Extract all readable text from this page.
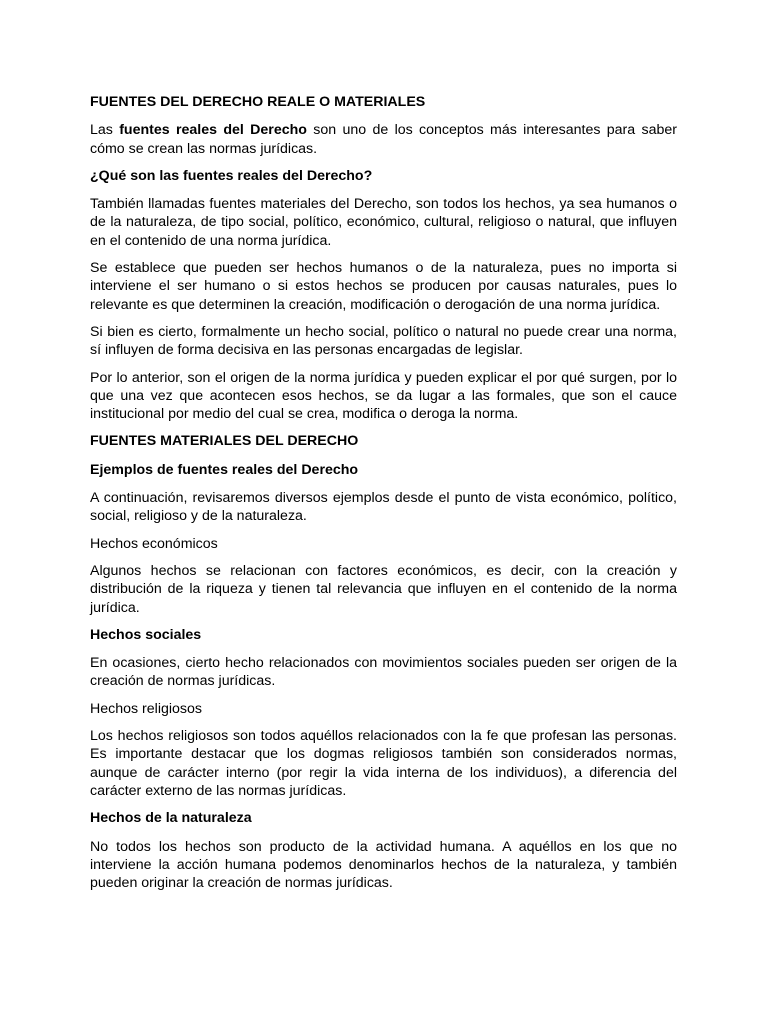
FUENTES DEL DERECHO REALE O MATERIALES

Las fuentes reales del Derecho son uno de los conceptos más interesantes para saber cómo se crean las normas jurídicas.

¿Qué son las fuentes reales del Derecho?

También llamadas fuentes materiales del Derecho, son todos los hechos, ya sea humanos o de la naturaleza, de tipo social, político, económico, cultural, religioso o natural, que influyen en el contenido de una norma jurídica.

Se establece que pueden ser hechos humanos o de la naturaleza, pues no importa si interviene el ser humano o si estos hechos se producen por causas naturales, pues lo relevante es que determinen la creación, modificación o derogación de una norma jurídica.

Si bien es cierto, formalmente un hecho social, político o natural no puede crear una norma, sí influyen de forma decisiva en las personas encargadas de legislar.

Por lo anterior, son el origen de la norma jurídica y pueden explicar el por qué surgen, por lo que una vez que acontecen esos hechos, se da lugar a las formales, que son el cauce institucional por medio del cual se crea, modifica o deroga la norma.

FUENTES MATERIALES DEL DERECHO
Ejemplos de fuentes reales del Derecho

A continuación, revisaremos diversos ejemplos desde el punto de vista económico, político, social, religioso y de la naturaleza.

Hechos económicos

Algunos hechos se relacionan con factores económicos, es decir, con la creación y distribución de la riqueza y tienen tal relevancia que influyen en el contenido de la norma jurídica.

Hechos sociales

En ocasiones, cierto hecho relacionados con movimientos sociales pueden ser origen de la creación de normas jurídicas.

Hechos religiosos

Los hechos religiosos son todos aquéllos relacionados con la fe que profesan las personas. Es importante destacar que los dogmas religiosos también son considerados normas, aunque de carácter interno (por regir la vida interna de los individuos), a diferencia del carácter externo de las normas jurídicas.

Hechos de la naturaleza

No todos los hechos son producto de la actividad humana. A aquéllos en los que no interviene la acción humana podemos denominarlos hechos de la naturaleza, y también pueden originar la creación de normas jurídicas.
